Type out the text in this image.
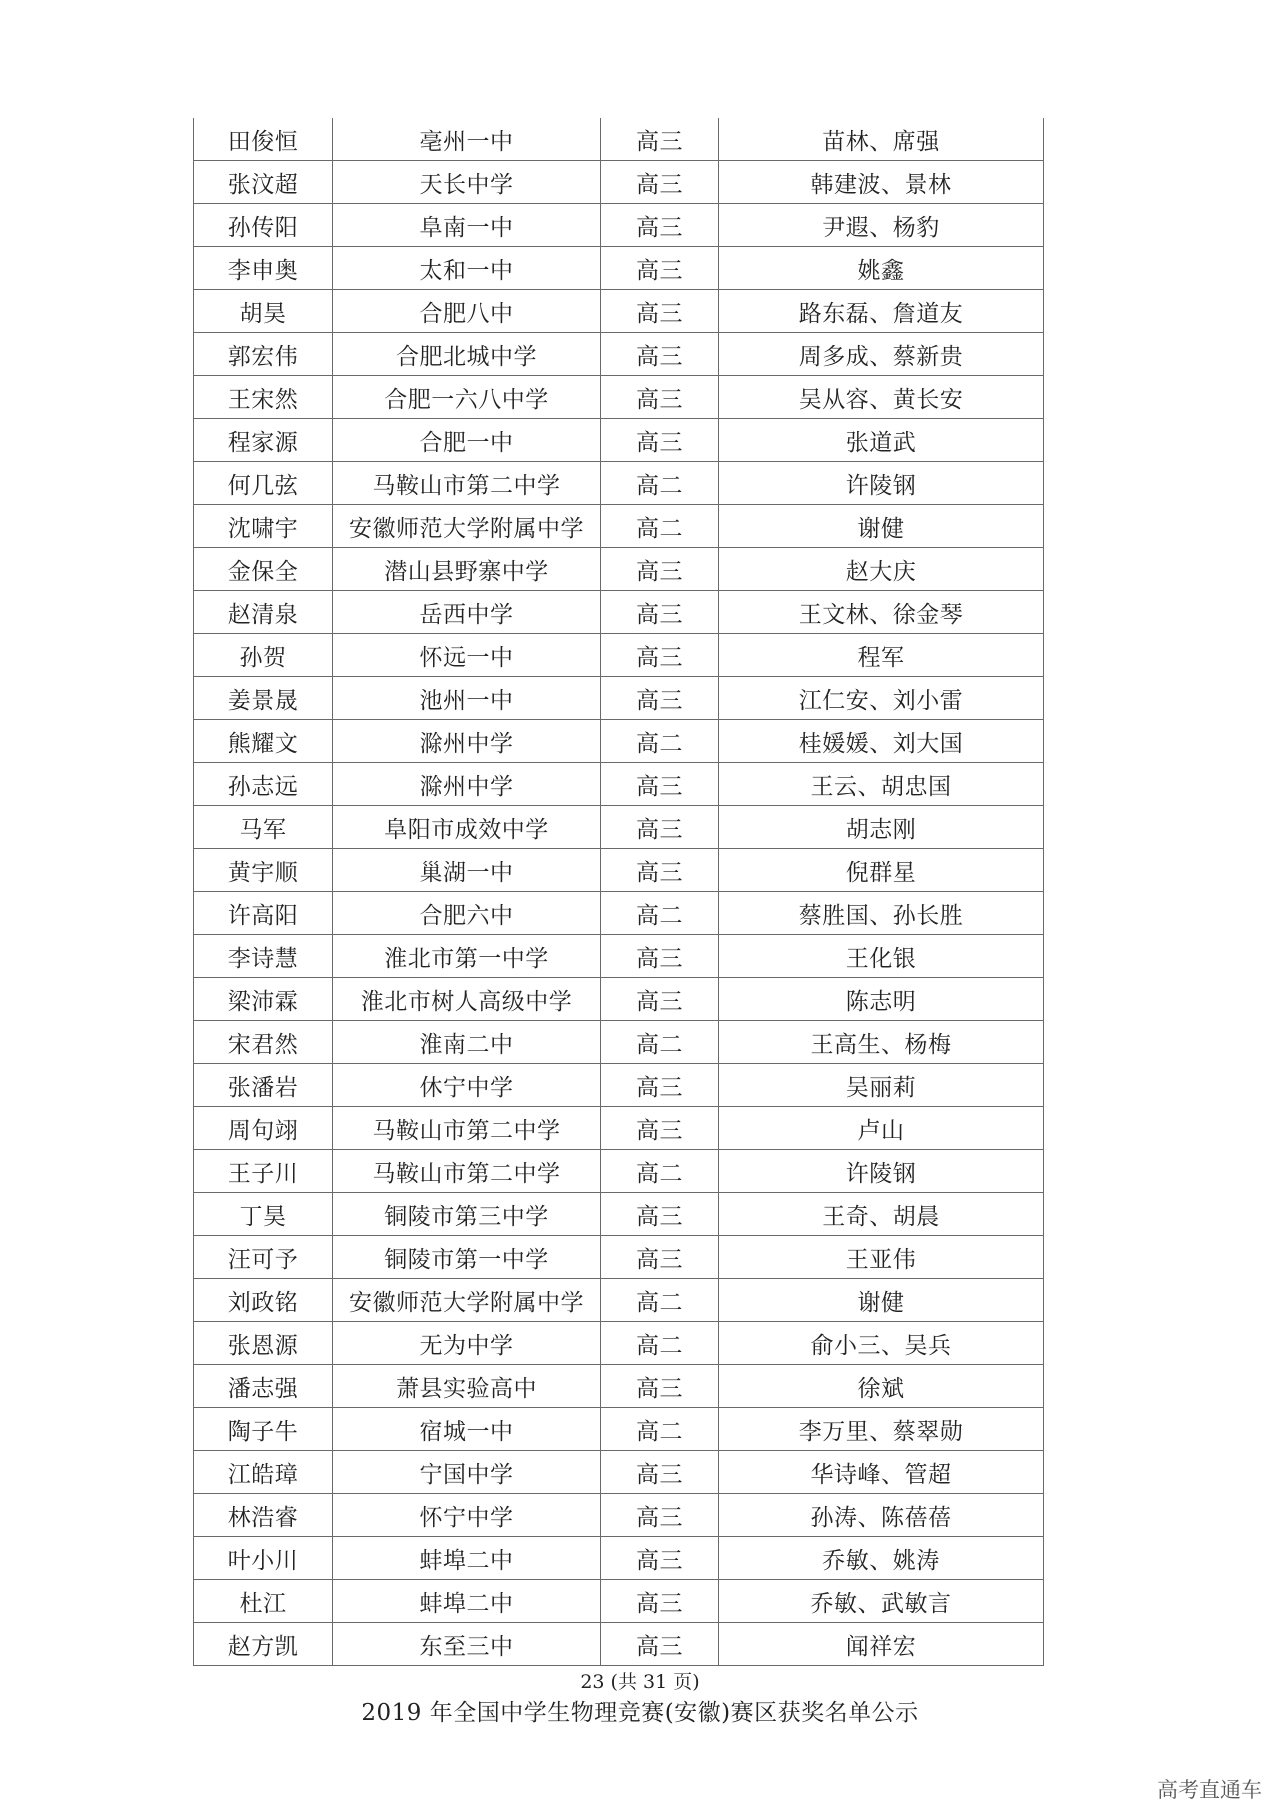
田俊恒	亳州一中	高三	苗林、席强
张汶超	天长中学	高三	韩建波、景林
孙传阳	阜南一中	高三	尹遐、杨豹
李申奥	太和一中	高三	姚鑫
胡昊	合肥八中	高三	路东磊、詹道友
郭宏伟	合肥北城中学	高三	周多成、蔡新贵
王宋然	合肥一六八中学	高三	吴从容、黄长安
程家源	合肥一中	高三	张道武
何几弦	马鞍山市第二中学	高二	许陵钢
沈啸宇	安徽师范大学附属中学	高二	谢健
金保全	潜山县野寨中学	高三	赵大庆
赵清泉	岳西中学	高三	王文林、徐金琴
孙贺	怀远一中	高三	程军
姜景晟	池州一中	高三	江仁安、刘小雷
熊耀文	滁州中学	高二	桂媛媛、刘大国
孙志远	滁州中学	高三	王云、胡忠国
马军	阜阳市成效中学	高三	胡志刚
黄宇顺	巢湖一中	高三	倪群星
许高阳	合肥六中	高二	蔡胜国、孙长胜
李诗慧	淮北市第一中学	高三	王化银
梁沛霖	淮北市树人高级中学	高三	陈志明
宋君然	淮南二中	高二	王高生、杨梅
张潘岩	休宁中学	高三	吴丽莉
周句翊	马鞍山市第二中学	高三	卢山
王子川	马鞍山市第二中学	高二	许陵钢
丁昊	铜陵市第三中学	高三	王奇、胡晨
汪可予	铜陵市第一中学	高三	王亚伟
刘政铭	安徽师范大学附属中学	高二	谢健
张恩源	无为中学	高二	俞小三、吴兵
潘志强	萧县实验高中	高三	徐斌
陶子牛	宿城一中	高二	李万里、蔡翠勋
江皓璋	宁国中学	高三	华诗峰、管超
林浩睿	怀宁中学	高三	孙涛、陈蓓蓓
叶小川	蚌埠二中	高三	乔敏、姚涛
杜江	蚌埠二中	高三	乔敏、武敏言
赵方凯	东至三中	高三	闻祥宏
23 (共 31 页)
2019 年全国中学生物理竞赛(安徽)赛区获奖名单公示
高考直通车
